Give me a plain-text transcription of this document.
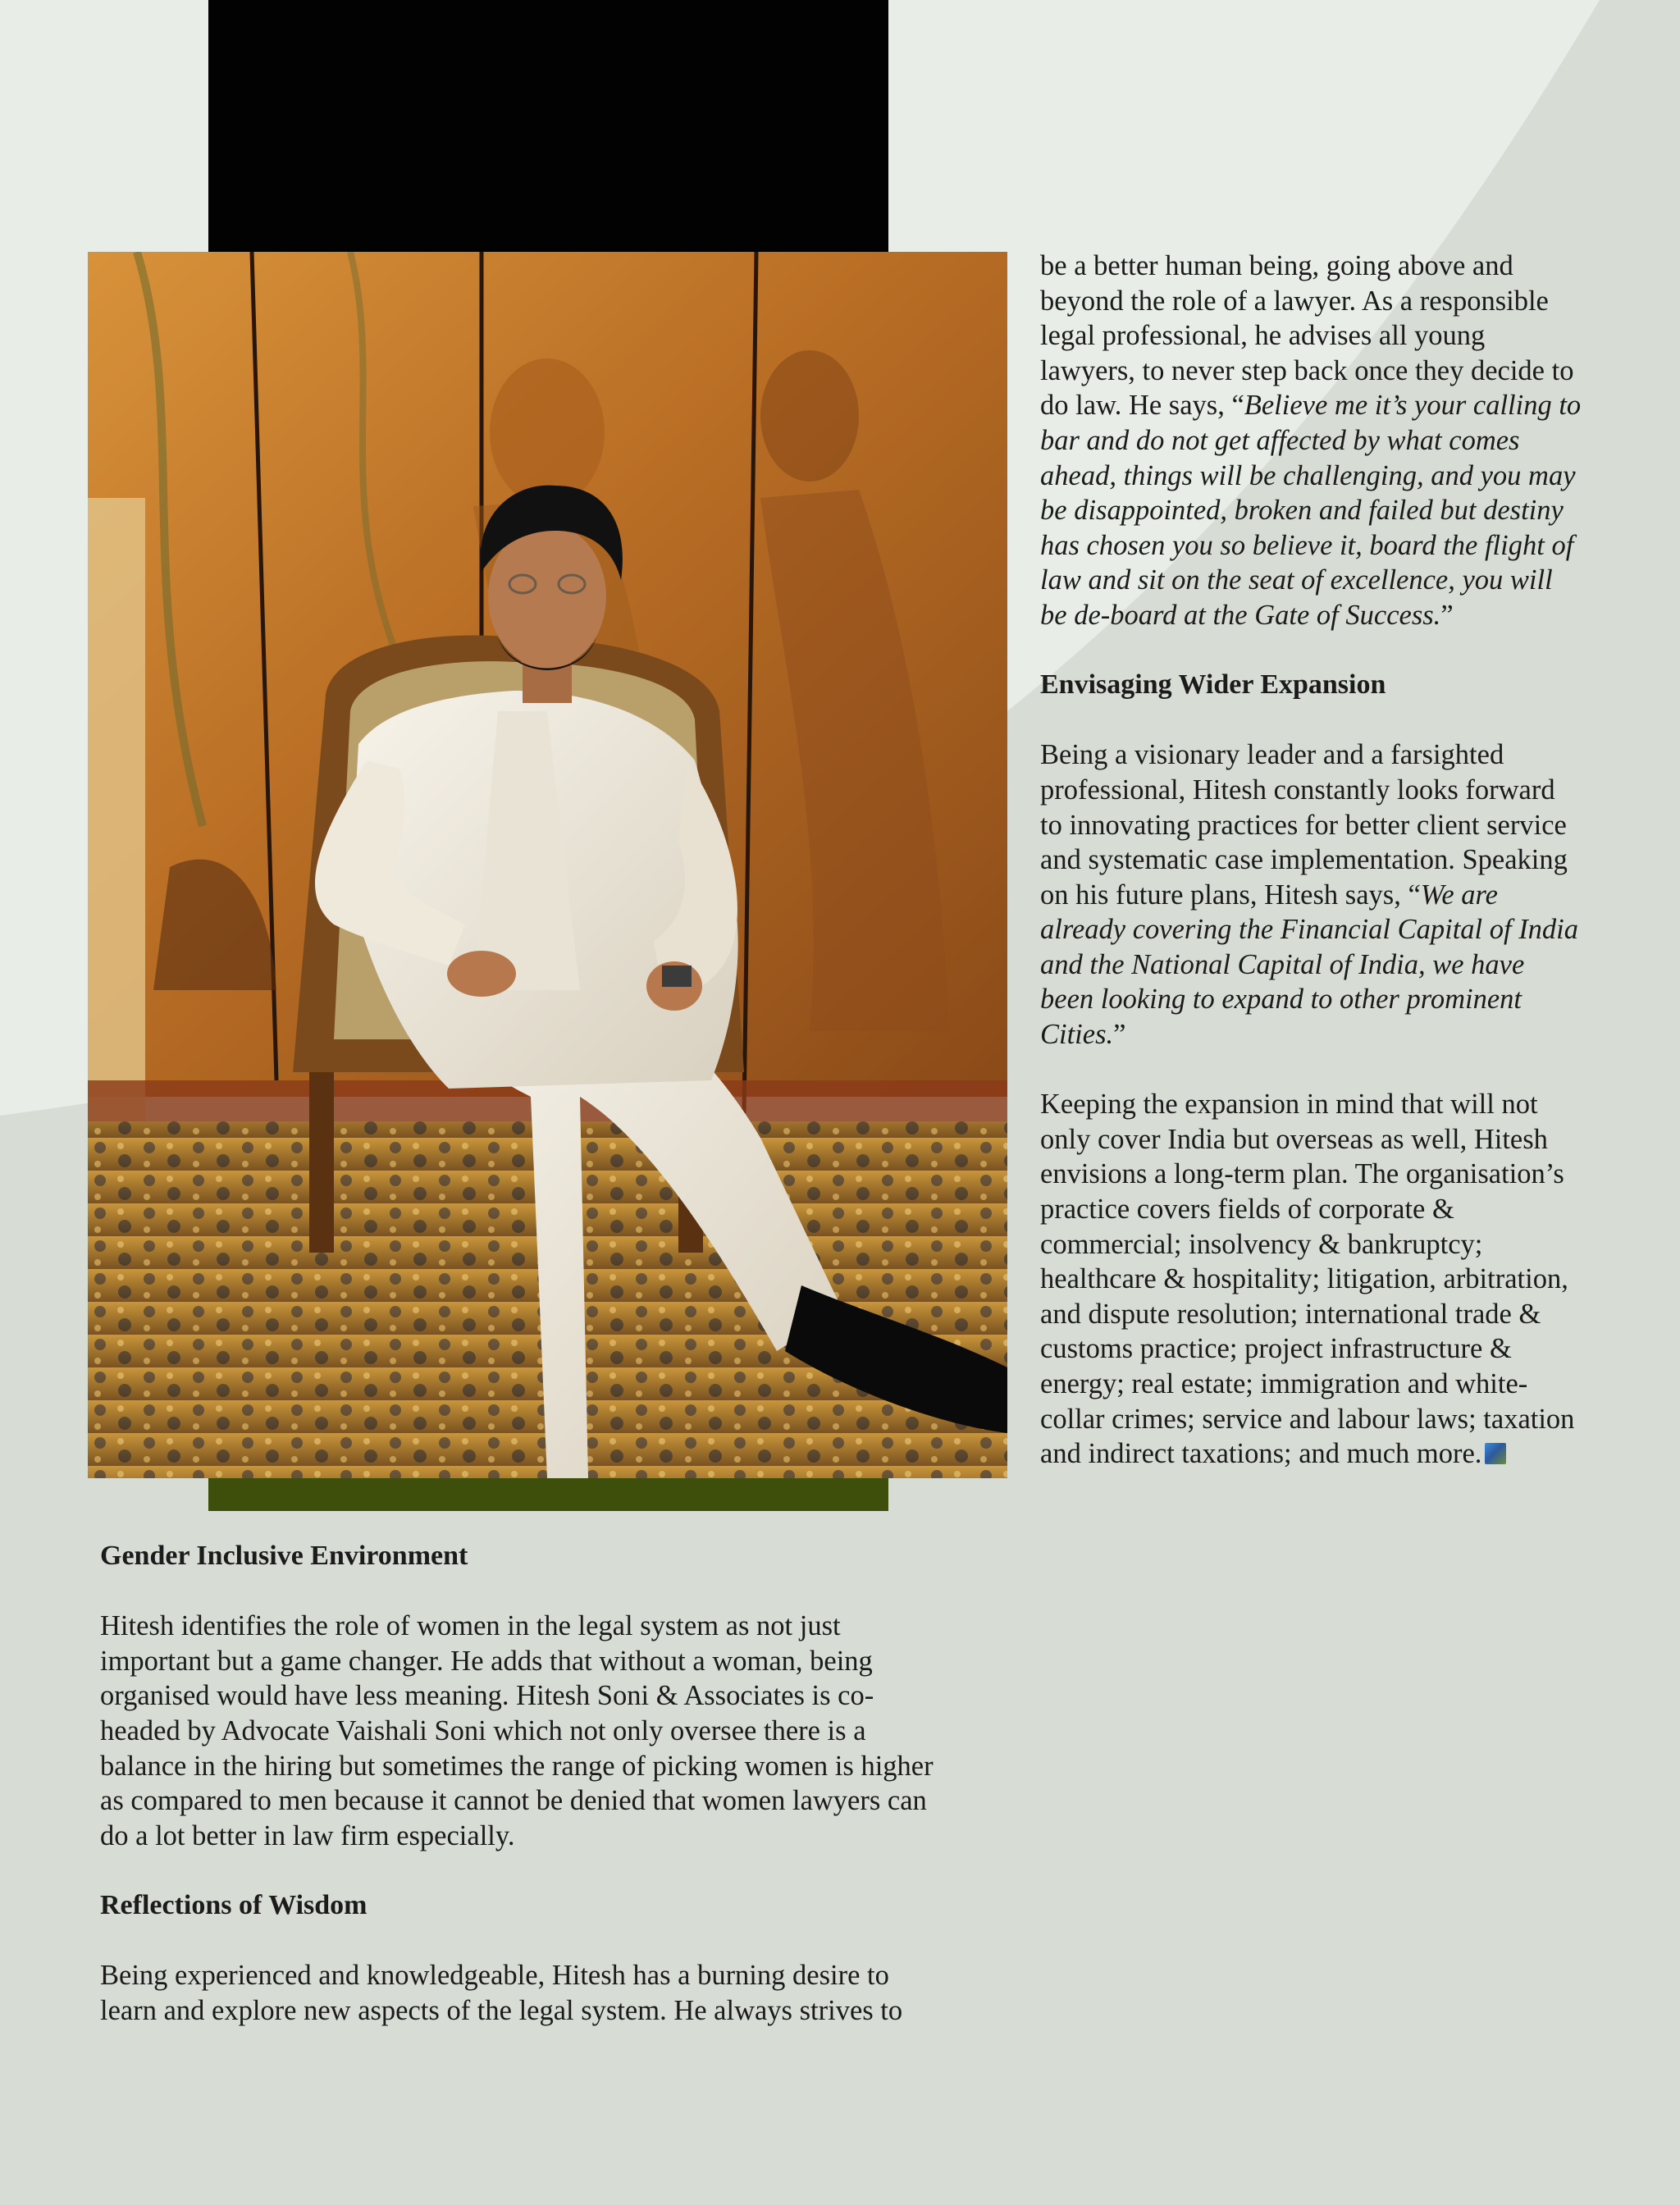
be a better human being, going above and beyond the role of a lawyer. As a responsible legal professional, he advises all young lawyers, to never step back once they decide to do law. He says, “Believe me it’s your calling to bar and do not get affected by what comes ahead, things will be challenging, and you may be disappointed, broken and failed but destiny has chosen you so believe it, board the flight of law and sit on the seat of excellence, you will be de-board at the Gate of Success.”

Envisaging Wider Expansion

Being a visionary leader and a farsighted professional, Hitesh constantly looks forward to innovating practices for better client service and systematic case implementation. Speaking on his future plans, Hitesh says, “We are already covering the Financial Capital of India and the National Capital of India, we have been looking to expand to other prominent Cities.”

Keeping the expansion in mind that will not only cover India but overseas as well, Hitesh envisions a long-term plan. The organisation’s practice covers fields of corporate & commercial; insolvency & bankruptcy; healthcare & hospitality; litigation, arbitration, and dispute resolution; international trade & customs practice; project infrastructure & energy; real estate; immigration and white-collar crimes; service and labour laws; taxation and indirect taxations; and much more.

Gender Inclusive Environment

Hitesh identifies the role of women in the legal system as not just important but a game changer. He adds that without a woman, being organised would have less meaning. Hitesh Soni & Associates is co-headed by Advocate Vaishali Soni which not only oversee there is a balance in the hiring but sometimes the range of picking women is higher as compared to men because it cannot be denied that women lawyers can do a lot better in law firm especially.

Reflections of Wisdom

Being experienced and knowledgeable, Hitesh has a burning desire to learn and explore new aspects of the legal system. He always strives to
